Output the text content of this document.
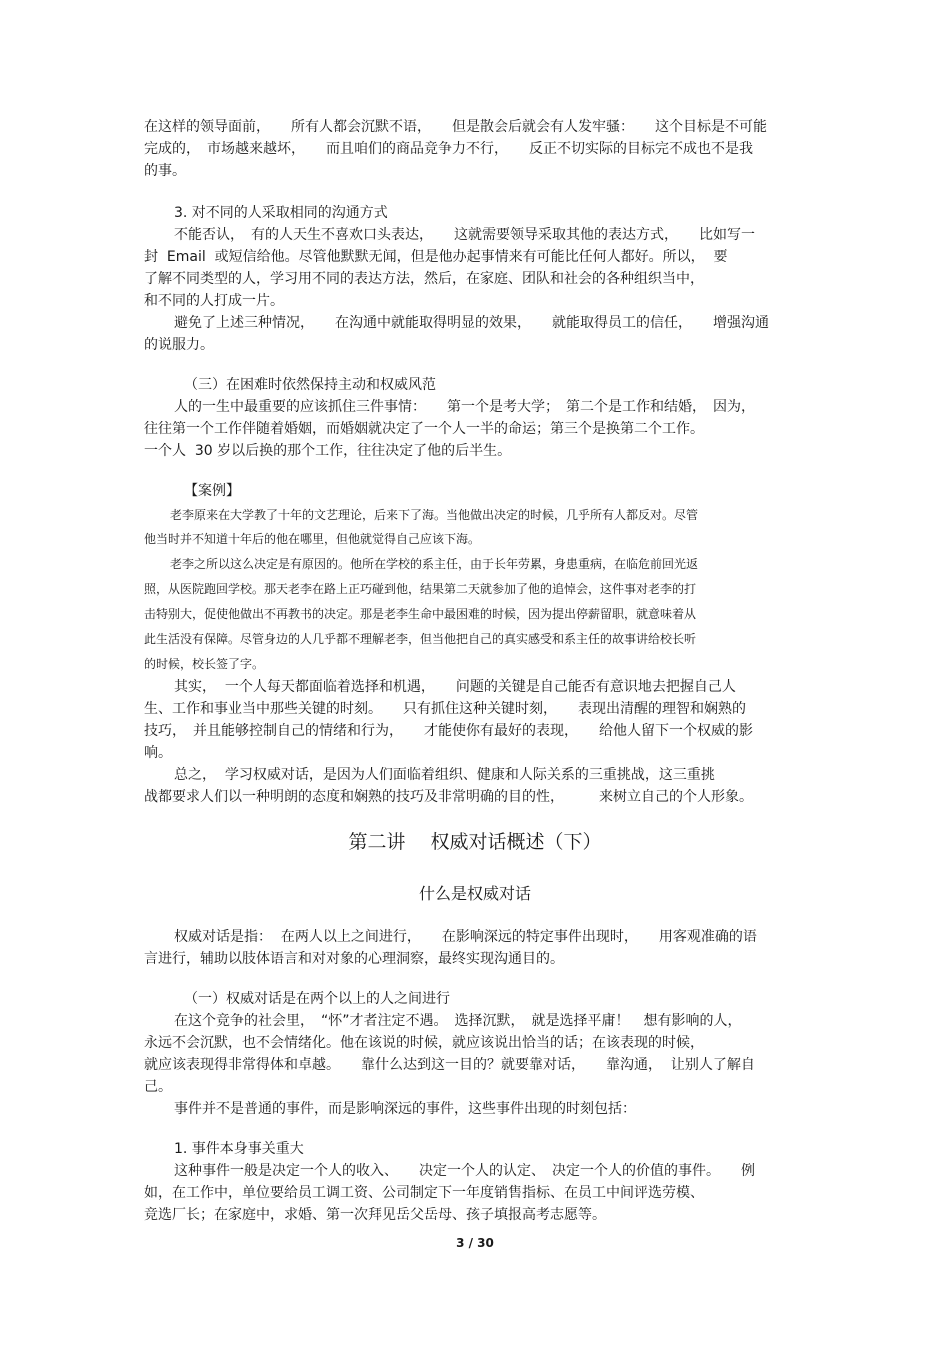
在这样的领导面前，　　所有人都会沉默不语，　　但是散会后就会有人发牢骚：　　这个目标是不可能
完成的，　市场越来越坏，　　而且咱们的商品竞争力不行，　　反正不切实际的目标完不成也不是我
的事。
3. 对不同的人采取相同的沟通方式
不能否认，　有的人天生不喜欢口头表达，　　这就需要领导采取其他的表达方式，　　比如写一
封  Email  或短信给他。尽管他默默无闻，但是他办起事情来有可能比任何人都好。所以，  要
了解不同类型的人，学习用不同的表达方法，然后，在家庭、团队和社会的各种组织当中，
和不同的人打成一片。
避免了上述三种情况，　　在沟通中就能取得明显的效果，　　就能取得员工的信任，　　增强沟通
的说服力。
（三）在困难时依然保持主动和权威风范
人的一生中最重要的应该抓住三件事情：　　第一个是考大学；　第二个是工作和结婚，　因为，
往往第一个工作伴随着婚姻，而婚姻就决定了一个人一半的命运；第三个是换第二个工作。
一个人  30 岁以后换的那个工作，往往决定了他的后半生。
【案例】
老李原来在大学教了十年的文艺理论，后来下了海。当他做出决定的时候，几乎所有人都反对。尽管
他当时并不知道十年后的他在哪里，但他就觉得自己应该下海。
老李之所以这么决定是有原因的。他所在学校的系主任，由于长年劳累，身患重病，在临危前回光返
照，从医院跑回学校。那天老李在路上正巧碰到他，结果第二天就参加了他的追悼会，这件事对老李的打
击特别大，促使他做出不再教书的决定。那是老李生命中最困难的时候，因为提出停薪留职，就意味着从
此生活没有保障。尽管身边的人几乎都不理解老李，但当他把自己的真实感受和系主任的故事讲给校长听
的时候，校长签了字。
其实，  一个人每天都面临着选择和机遇，　　问题的关键是自己能否有意识地去把握自己人
生、工作和事业当中那些关键的时刻。　　只有抓住这种关键时刻，　　表现出清醒的理智和娴熟的
技巧，　并且能够控制自己的情绪和行为，　　才能使你有最好的表现，　　给他人留下一个权威的影
响。
总之，  学习权威对话，是因为人们面临着组织、健康和人际关系的三重挑战，这三重挑
战都要求人们以一种明朗的态度和娴熟的技巧及非常明确的目的性，　　　来树立自己的个人形象。
第二讲　 权威对话概述（下）
什么是权威对话
权威对话是指：  在两人以上之间进行，　　在影响深远的特定事件出现时，　　用客观准确的语
言进行，辅助以肢体语言和对对象的心理洞察，最终实现沟通目的。
（一）权威对话是在两个以上的人之间进行
在这个竞争的社会里，　“怀”才者注定不遇。　选择沉默，　就是选择平庸！　想有影响的人，
永远不会沉默，也不会情绪化。他在该说的时候，就应该说出恰当的话；在该表现的时候，
就应该表现得非常得体和卓越。　　靠什么达到这一目的？就要靠对话，　　靠沟通，  让别人了解自
己。
事件并不是普通的事件，而是影响深远的事件，这些事件出现的时刻包括：
1. 事件本身事关重大
这种事件一般是决定一个人的收入、　　决定一个人的认定、　决定一个人的价值的事件。　　例
如，在工作中，单位要给员工调工资、公司制定下一年度销售指标、在员工中间评选劳模、
竞选厂长；在家庭中，求婚、第一次拜见岳父岳母、孩子填报高考志愿等。
3 / 30
